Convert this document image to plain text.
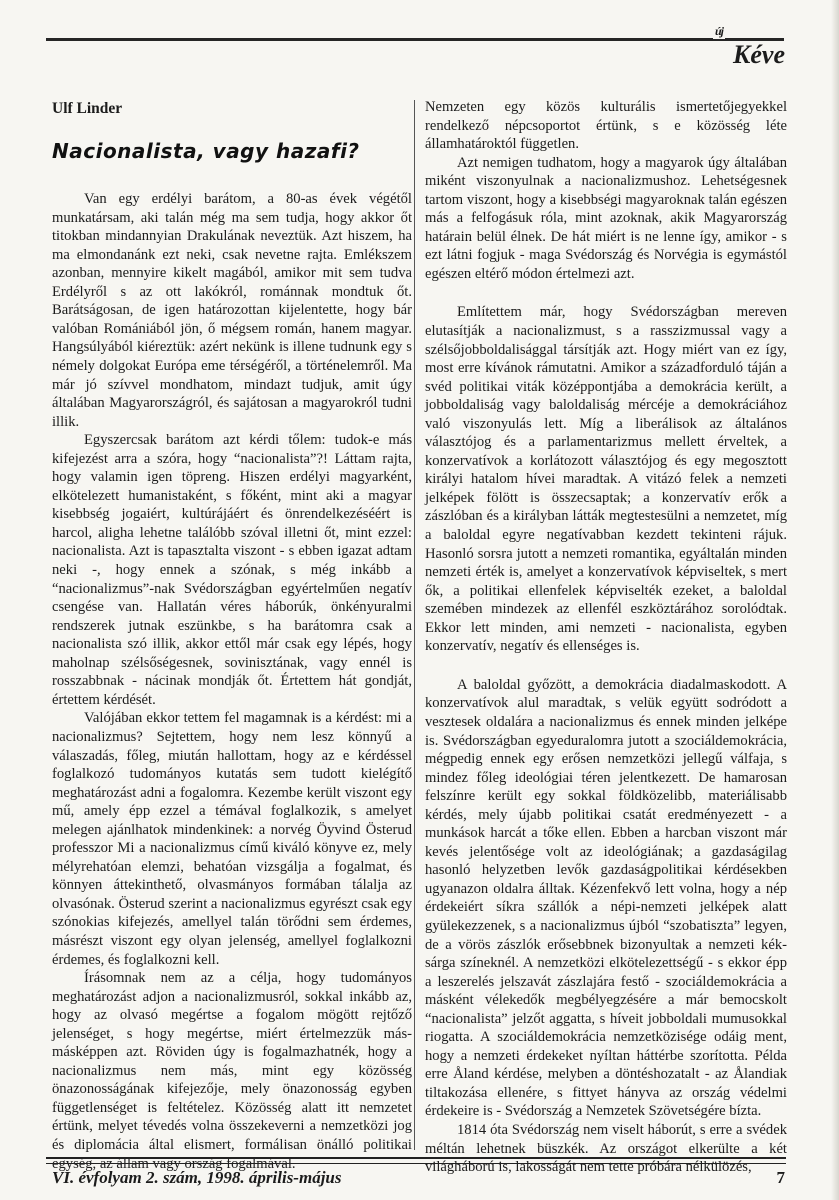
új
Kéve
Ulf Linder
Nacionalista, vagy hazafi?

Van egy erdélyi barátom, a 80-as évek végétől munkatársam, aki talán még ma sem tudja, hogy akkor őt titokban mindannyian Drakulának neveztük. Azt hiszem, ha ma elmondanánk ezt neki, csak nevetne rajta. Emlékszem azonban, mennyire kikelt magából, amikor mit sem tudva Erdélyről s az ott lakókról, románnak mondtuk őt. Barátságosan, de igen határozottan kijelentette, hogy bár valóban Romániából jön, ő mégsem román, hanem magyar. Hangsúlyából kiéreztük: azért nekünk is illene tudnunk egy s némely dolgokat Európa eme térségéről, a történelemről. Ma már jó szívvel mondhatom, mindazt tudjuk, amit úgy általában Magyarországról, és sajátosan a magyarokról tudni illik.

Egyszercsak barátom azt kérdi tőlem: tudok-e más kifejezést arra a szóra, hogy “nacionalista”?! Láttam rajta, hogy valamin igen töpreng. Hiszen erdélyi magyarként, elkötelezett humanistaként, s főként, mint aki a magyar kisebbség jogaiért, kultúrájáért és önrendelkezéséért is harcol, aligha lehetne találóbb szóval illetni őt, mint ezzel: nacionalista. Azt is tapasztalta viszont - s ebben igazat adtam neki -, hogy ennek a szónak, s még inkább a “nacionalizmus”-nak Svédországban egyértelműen negatív csengése van. Hallatán véres háborúk, önkényuralmi rendszerek jutnak eszünkbe, s ha barátomra csak a nacionalista szó illik, akkor ettől már csak egy lépés, hogy maholnap szélsőségesnek, sovinisztának, vagy ennél is rosszabbnak - nácinak mondják őt. Értettem hát gondját, értettem kérdését.

Valójában ekkor tettem fel magamnak is a kérdést: mi a nacionalizmus? Sejtettem, hogy nem lesz könnyű a válaszadás, főleg, miután hallottam, hogy az e kérdéssel foglalkozó tudományos kutatás sem tudott kielégítő meghatározást adni a fogalomra. Kezembe került viszont egy mű, amely épp ezzel a témával foglalkozik, s amelyet melegen ajánlhatok mindenkinek: a norvég Öyvind Österud professzor Mi a nacionalizmus című kiváló könyve ez, mely mélyrehatóan elemzi, behatóan vizsgálja a fogalmat, és könnyen áttekinthető, olvasmányos formában tálalja az olvasónak. Österud szerint a nacionalizmus egyrészt csak egy szónokias kifejezés, amellyel talán törődni sem érdemes, másrészt viszont egy olyan jelenség, amellyel foglalkozni érdemes, és foglalkozni kell.

Írásomnak nem az a célja, hogy tudományos meghatározást adjon a nacionalizmusról, sokkal inkább az, hogy az olvasó megértse a fogalom mögött rejtőző jelenséget, s hogy megértse, miért értelmezzük más-másképpen azt. Röviden úgy is fogalmazhatnék, hogy a nacionalizmus nem más, mint egy közösség önazonosságának kifejezője, mely önazonosság egyben függetlenséget is feltételez. Közösség alatt itt nemzetet értünk, melyet tévedés volna összekeverni a nemzetközi jog és diplomácia által elismert, formálisan önálló politikai egység, az állam vagy ország fogalmával.

Nemzeten egy közös kulturális ismertetőjegyekkel rendelkező népcsoportot értünk, s e közösség léte államhatároktól független.

Azt nemigen tudhatom, hogy a magyarok úgy általában miként viszonyulnak a nacionalizmushoz. Lehetségesnek tartom viszont, hogy a kisebbségi magyaroknak talán egészen más a felfogásuk róla, mint azoknak, akik Magyarország határain belül élnek. De hát miért is ne lenne így, amikor - s ezt látni fogjuk - maga Svédország és Norvégia is egymástól egészen eltérő módon értelmezi azt.

Említettem már, hogy Svédországban mereven elutasítják a nacionalizmust, s a rasszizmussal vagy a szélsőjobboldalisággal társítják azt. Hogy miért van ez így, most erre kívánok rámutatni. Amikor a századforduló táján a svéd politikai viták középpontjába a demokrácia került, a jobboldaliság vagy baloldaliság mércéje a demokráciához való viszonyulás lett. Míg a liberálisok az általános választójog és a parlamentarizmus mellett érveltek, a konzervatívok a korlátozott választójog és egy megosztott királyi hatalom hívei maradtak. A vitázó felek a nemzeti jelképek fölött is összecsaptak; a konzervatív erők a zászlóban és a királyban látták megtestesülni a nemzetet, míg a baloldal egyre negatívabban kezdett tekinteni rájuk. Hasonló sorsra jutott a nemzeti romantika, egyáltalán minden nemzeti érték is, amelyet a konzervatívok képviseltek, s mert ők, a politikai ellenfelek képviselték ezeket, a baloldal szemében mindezek az ellenfél eszköztárához sorolódtak. Ekkor lett minden, ami nemzeti - nacionalista, egyben konzervatív, negatív és ellenséges is.

A baloldal győzött, a demokrácia diadalmaskodott. A konzervatívok alul maradtak, s velük együtt sodródott a vesztesek oldalára a nacionalizmus és ennek minden jelképe is. Svédországban egyeduralomra jutott a szociáldemokrácia, mégpedig ennek egy erősen nemzetközi jellegű válfaja, s mindez főleg ideológiai téren jelentkezett. De hamarosan felszínre került egy sokkal földközelibb, materiálisabb kérdés, mely újabb politikai csatát eredményezett - a munkások harcát a tőke ellen. Ebben a harcban viszont már kevés jelentősége volt az ideológiának; a gazdaságilag hasonló helyzetben levők gazdaságpolitikai kérdésekben ugyanazon oldalra álltak. Kézenfekvő lett volna, hogy a nép érdekeiért síkra szállók a népi-nemzeti jelképek alatt gyülekezzenek, s a nacionalizmus újból “szobatiszta” legyen, de a vörös zászlók erősebbnek bizonyultak a nemzeti kék-sárga színeknél. A nemzetközi elkötelezettségű - s ekkor épp a leszerelés jelszavát zászlajára festő - szociáldemokrácia a másként vélekedők megbélyegzésére a már bemocskolt “nacionalista” jelzőt aggatta, s híveit jobboldali mumusokkal riogatta. A szociáldemokrácia nemzetközisége odáig ment, hogy a nemzeti érdekeket nyíltan háttérbe szorította. Példa erre Åland kérdése, melyben a döntéshozatalt - az Ålandiak tiltakozása ellenére, s fittyet hányva az ország védelmi érdekeire is - Svédország a Nemzetek Szövetségére bízta.

1814 óta Svédország nem viselt háborút, s erre a svédek méltán lehetnek büszkék. Az országot elkerülte a két világháború is, lakosságát nem tette próbára nélkülözés,

VI. évfolyam 2. szám, 1998. április-május	7
